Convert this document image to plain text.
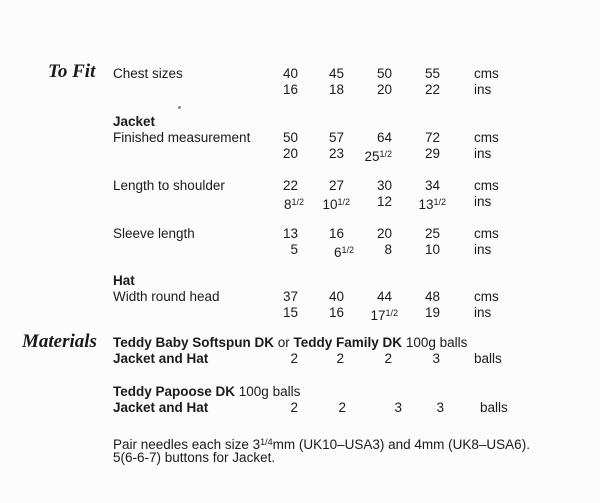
To Fit Chest sizes	40	45	50	55	cms
16	18	20	22	ins
Jacket
Finished measurement	50	57	64	72	cms
20	23	$25^{1/2}$	29	ins
Length to shoulder	22	27	30	34	cms
$8^{1/2}$	$10^{1/2}$	12	$13^{1/2}$ ins
Sleeve length	13	16	20	25	cms
5	$6^{1/2}$	8	10	ins
Hat
Width round head	37	40	44	48	cms
15	16	$17^{1/2}$	19	ins
Materials Teddy Baby Softspun DK or Teddy Family DK 100g balls
Jacket and Hat	2	2	2	3	balls
Teddy Papoose DK 100g balls
Jacket and Hat	2	2	3	3	balls
Pair needles each size $3^{1/4}mm$ (UK10–USA3) and 4mm (UK8–USA6).
5(6-6-7) buttons for Jacket.
